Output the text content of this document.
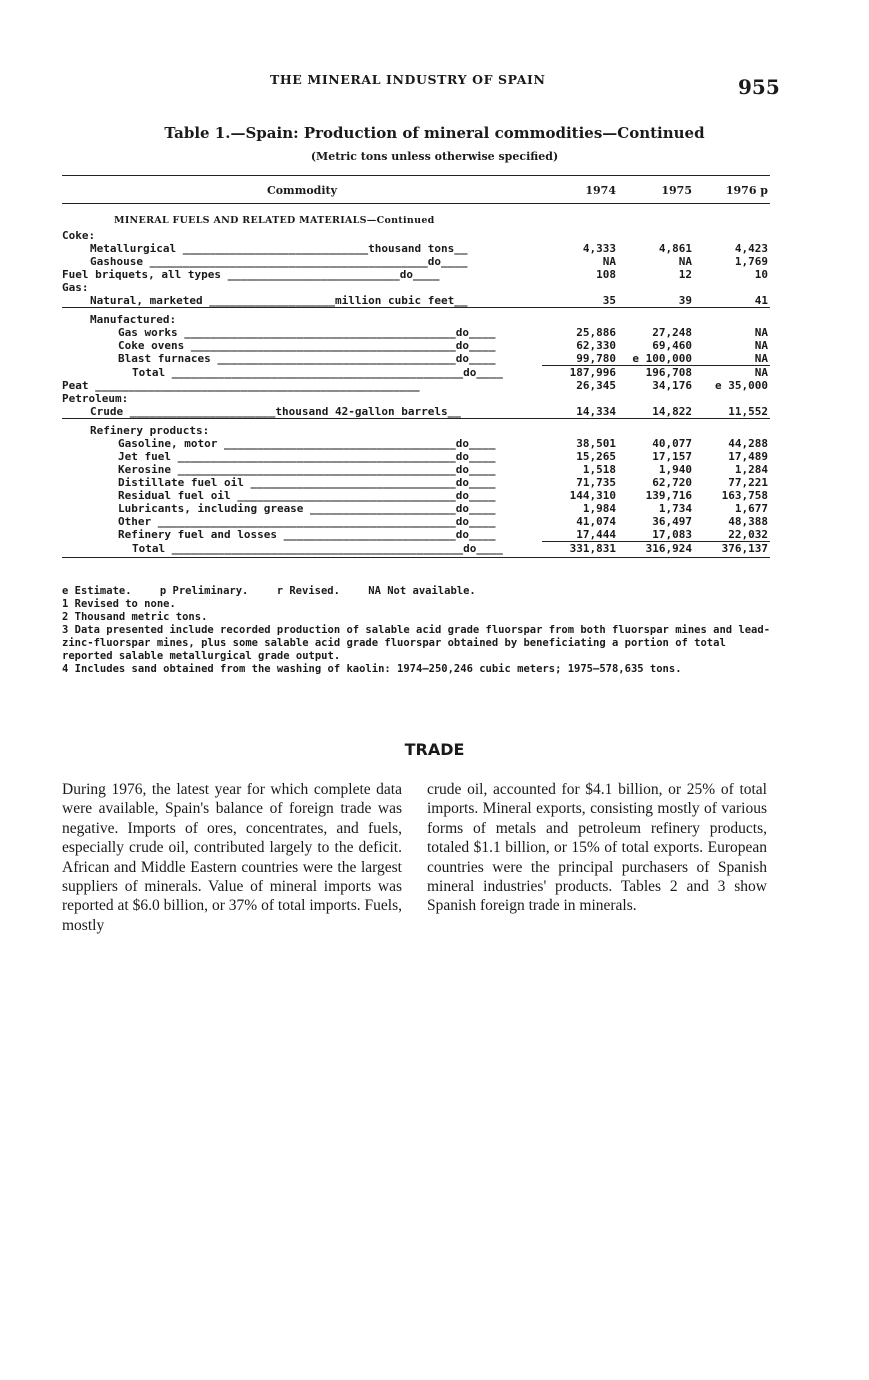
THE MINERAL INDUSTRY OF SPAIN	955
Table 1.—Spain: Production of mineral commodities—Continued
(Metric tons unless otherwise specified)
Commodity	1974	1975	1976 p
MINERAL FUELS AND RELATED MATERIALS—Continued			
Coke:			
Metallurgical ____________________________thousand tons__	4,333	4,861	4,423
Gashouse __________________________________________do____	NA	NA	1,769
Fuel briquets, all types __________________________do____	108	12	10
Gas:			
Natural, marketed ___________________million cubic feet__	35	39	41
Manufactured:			
Gas works _________________________________________do____	25,886	27,248	NA
Coke ovens ________________________________________do____	62,330	69,460	NA
Blast furnaces ____________________________________do____	99,780	e 100,000	NA
Total ____________________________________________do____	187,996	196,708	NA
Peat _________________________________________________	26,345	34,176	e 35,000
Petroleum:			
Crude ______________________thousand 42-gallon barrels__	14,334	14,822	11,552
Refinery products:			
Gasoline, motor ___________________________________do____	38,501	40,077	44,288
Jet fuel __________________________________________do____	15,265	17,157	17,489
Kerosine __________________________________________do____	1,518	1,940	1,284
Distillate fuel oil _______________________________do____	71,735	62,720	77,221
Residual fuel oil _________________________________do____	144,310	139,716	163,758
Lubricants, including grease ______________________do____	1,984	1,734	1,677
Other _____________________________________________do____	41,074	36,497	48,388
Refinery fuel and losses __________________________do____	17,444	17,083	22,032
Total ____________________________________________do____	331,831	316,924	376,137
e Estimate.	p Preliminary.	r Revised.	NA Not available.
1 Revised to none.
2 Thousand metric tons.
3 Data presented include recorded production of salable acid grade fluorspar from both fluorspar mines and lead-zinc-fluorspar mines, plus some salable acid grade fluorspar obtained by beneficiating a portion of total reported salable metallurgical grade output.
4 Includes sand obtained from the washing of kaolin: 1974—250,246 cubic meters; 1975—578,635 tons.
TRADE
During 1976, the latest year for which complete data were available, Spain's balance of foreign trade was negative. Imports of ores, concentrates, and fuels, especially crude oil, contributed largely to the deficit. African and Middle Eastern countries were the largest suppliers of minerals. Value of mineral imports was reported at $6.0 billion, or 37% of total imports. Fuels, mostly
crude oil, accounted for $4.1 billion, or 25% of total imports. Mineral exports, consisting mostly of various forms of metals and petroleum refinery products, totaled $1.1 billion, or 15% of total exports. European countries were the principal purchasers of Spanish mineral industries' products. Tables 2 and 3 show Spanish foreign trade in minerals.
